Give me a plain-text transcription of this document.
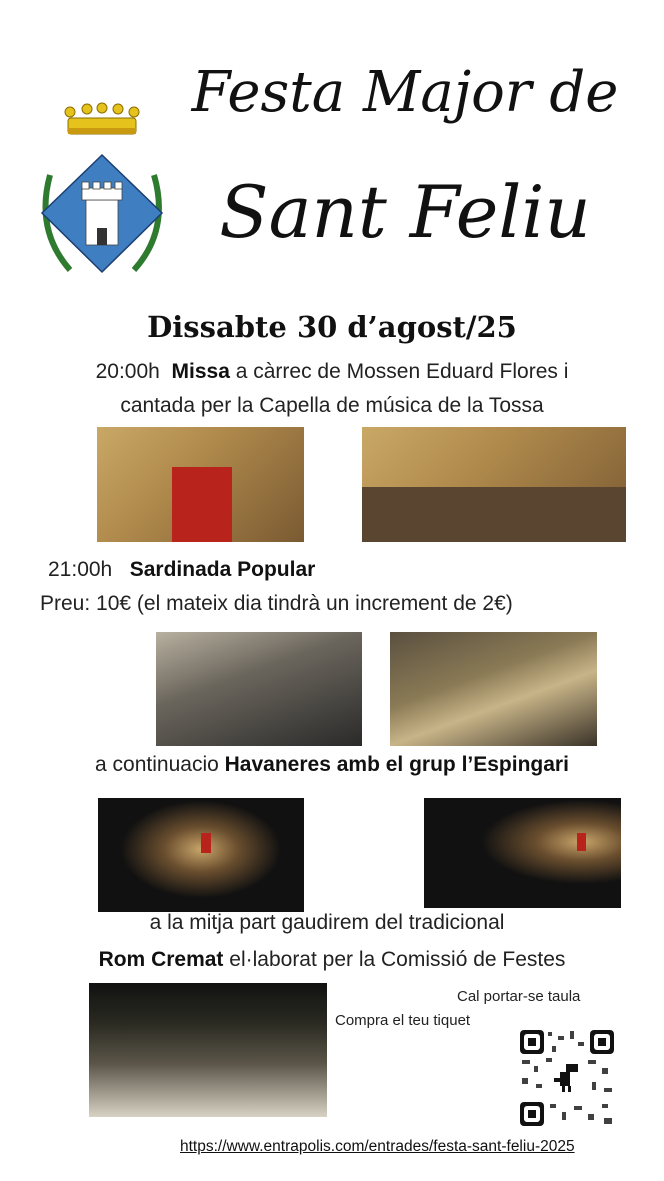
Festa Major de
Sant Feliu
Dissabte 30 d’agost/25
20:00h Missa a càrrec de Mossen Eduard Flores i
cantada per la Capella de música de la Tossa
21:00h Sardinada Popular
Preu: 10€ (el mateix dia tindrà un increment de 2€)
a continuacio Havaneres amb el grup l’Espingari
a la mitja part gaudirem del tradicional
Rom Cremat el·laborat per la Comissió de Festes
Cal portar-se taula
Compra el teu tiquet
https://www.entrapolis.com/entrades/festa-sant-feliu-2025
